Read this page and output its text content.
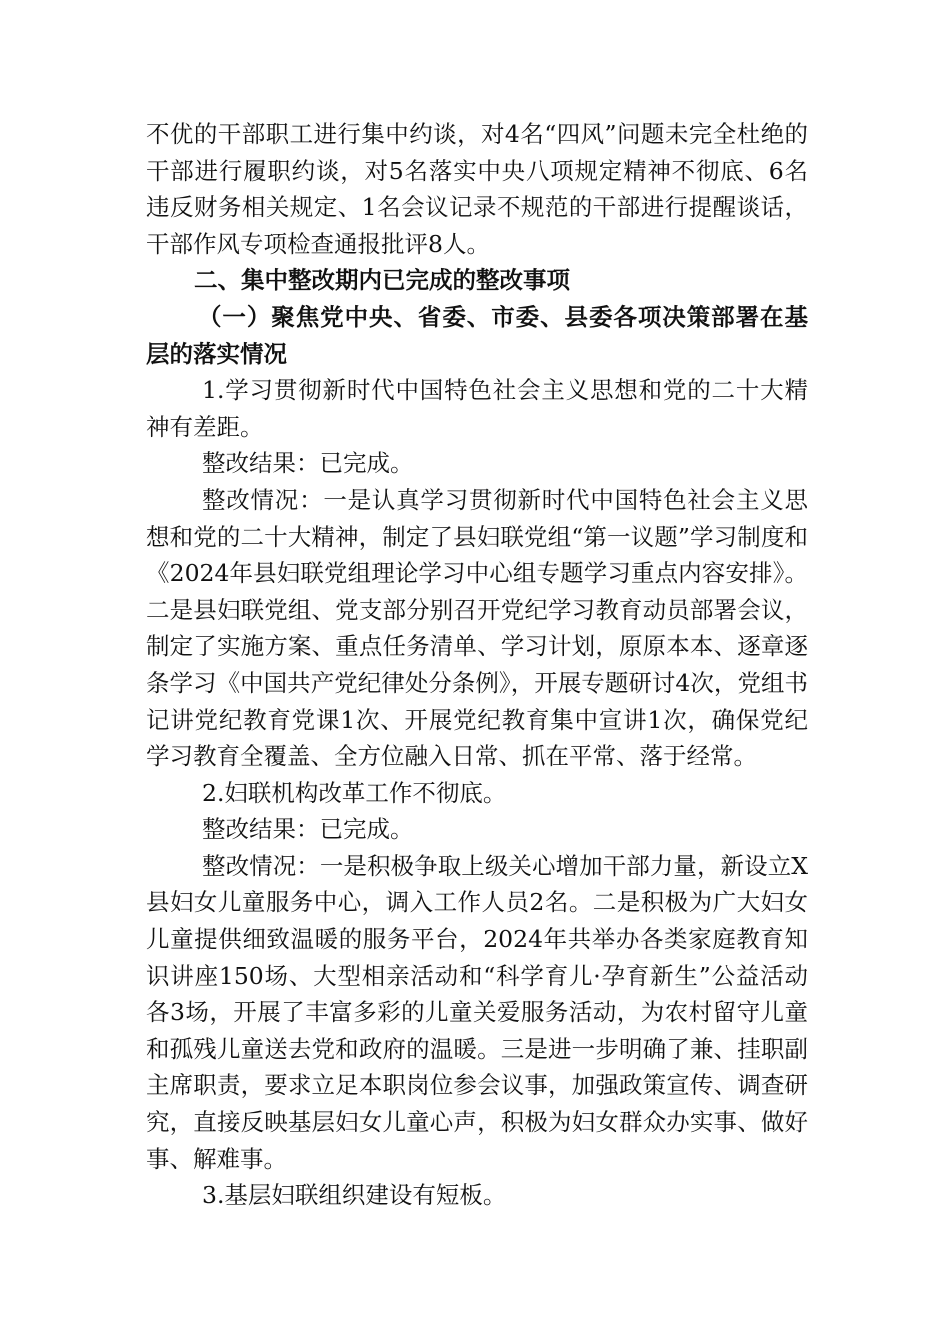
不优的干部职工进行集中约谈，对4名“四风”问题未完全杜绝的干部进行履职约谈，对5名落实中央八项规定精神不彻底、6名违反财务相关规定、1名会议记录不规范的干部进行提醒谈话，干部作风专项检查通报批评8人。

二、集中整改期内已完成的整改事项

（一）聚焦党中央、省委、市委、县委各项决策部署在基层的落实情况

1.学习贯彻新时代中国特色社会主义思想和党的二十大精神有差距。

整改结果：已完成。

整改情况：一是认真学习贯彻新时代中国特色社会主义思想和党的二十大精神，制定了县妇联党组“第一议题”学习制度和《2024年县妇联党组理论学习中心组专题学习重点内容安排》。二是县妇联党组、党支部分别召开党纪学习教育动员部署会议，制定了实施方案、重点任务清单、学习计划，原原本本、逐章逐条学习《中国共产党纪律处分条例》，开展专题研讨4次，党组书记讲党纪教育党课1次、开展党纪教育集中宣讲1次，确保党纪学习教育全覆盖、全方位融入日常、抓在平常、落于经常。

2.妇联机构改革工作不彻底。

整改结果：已完成。

整改情况：一是积极争取上级关心增加干部力量，新设立X县妇女儿童服务中心，调入工作人员2名。二是积极为广大妇女儿童提供细致温暖的服务平台，2024年共举办各类家庭教育知识讲座150场、大型相亲活动和“科学育儿·孕育新生”公益活动各3场，开展了丰富多彩的儿童关爱服务活动，为农村留守儿童和孤残儿童送去党和政府的温暖。三是进一步明确了兼、挂职副主席职责，要求立足本职岗位参会议事，加强政策宣传、调查研究，直接反映基层妇女儿童心声，积极为妇女群众办实事、做好事、解难事。

3.基层妇联组织建设有短板。
